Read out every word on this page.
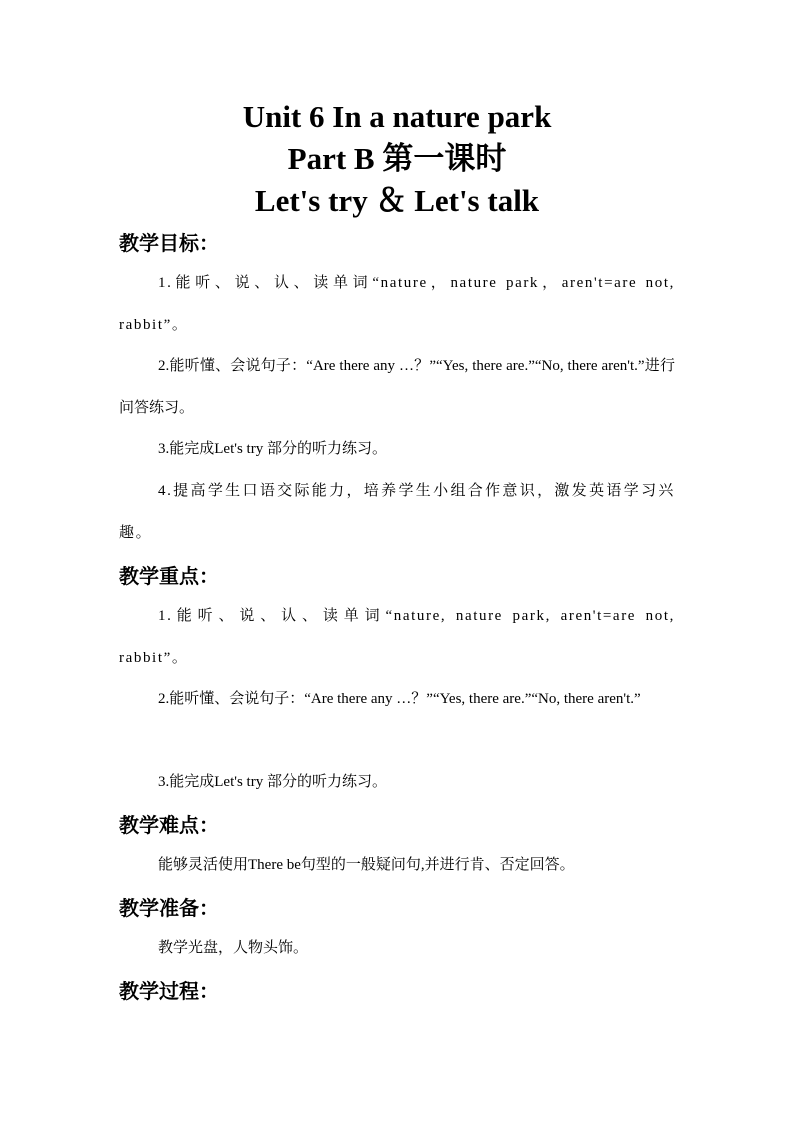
Unit 6 In a nature park
Part B 第一课时
Let's try ＆ Let's talk
教学目标：
1.能听、说、认、读单词“nature，nature park，aren't=are not, rabbit”。
2.能听懂、会说句子：“Are there any …？”“Yes, there are.”“No, there aren't.”进行问答练习。
3.能完成Let's try 部分的听力练习。
4.提高学生口语交际能力，培养学生小组合作意识，激发英语学习兴趣。
教学重点：
1.能听、说、认、读单词“nature, nature park, aren't=are not, rabbit”。
2.能听懂、会说句子：“Are there any …？”“Yes, there are.”“No, there aren't.”
3.能完成Let's try 部分的听力练习。
教学难点：
能够灵活使用There be句型的一般疑问句,并进行肯、否定回答。
教学准备：
教学光盘，人物头饰。
教学过程：
